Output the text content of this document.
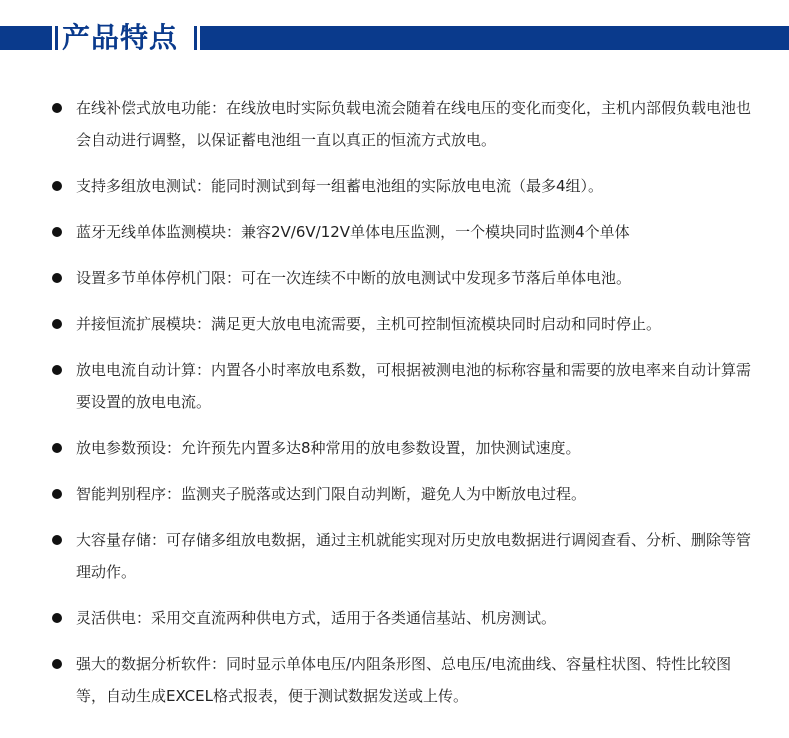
产品特点
在线补偿式放电功能：在线放电时实际负载电流会随着在线电压的变化而变化，主机内部假负载电池也会自动进行调整，以保证蓄电池组一直以真正的恒流方式放电。
支持多组放电测试：能同时测试到每一组蓄电池组的实际放电电流（最多4组）。
蓝牙无线单体监测模块：兼容2V/6V/12V单体电压监测，一个模块同时监测4个单体
设置多节单体停机门限：可在一次连续不中断的放电测试中发现多节落后单体电池。
并接恒流扩展模块：满足更大放电电流需要，主机可控制恒流模块同时启动和同时停止。
放电电流自动计算：内置各小时率放电系数，可根据被测电池的标称容量和需要的放电率来自动计算需要设置的放电电流。
放电参数预设：允许预先内置多达8种常用的放电参数设置，加快测试速度。
智能判别程序：监测夹子脱落或达到门限自动判断，避免人为中断放电过程。
大容量存储：可存储多组放电数据，通过主机就能实现对历史放电数据进行调阅查看、分析、删除等管理动作。
灵活供电：采用交直流两种供电方式，适用于各类通信基站、机房测试。
强大的数据分析软件：同时显示单体电压/内阻条形图、总电压/电流曲线、容量柱状图、特性比较图等，自动生成EXCEL格式报表，便于测试数据发送或上传。
